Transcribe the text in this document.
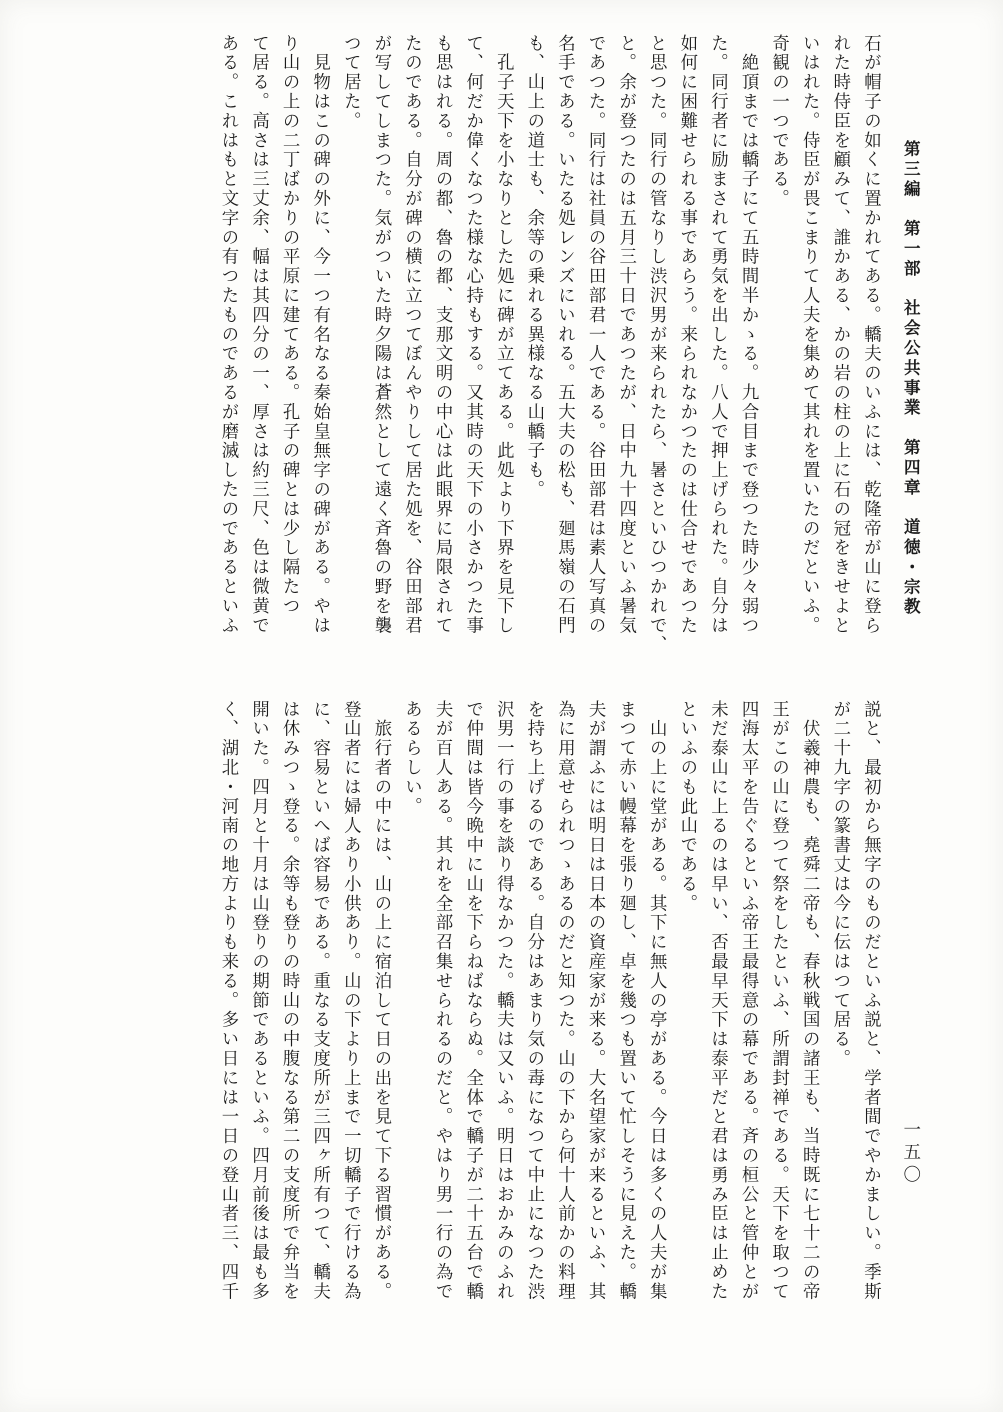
第三編　第一部　社会公共事業　第四章　道徳・宗教
一五〇
石が帽子の如くに置かれてある。轎夫のいふには、乾隆帝が山に登ら
れた時侍臣を顧みて、誰かある、かの岩の柱の上に石の冠をきせよと
いはれた。侍臣が畏こまりて人夫を集めて其れを置いたのだといふ。
奇観の一つである。
　絶頂までは轎子にて五時間半かゝる。九合目まで登つた時少々弱つ
た。同行者に励まされて勇気を出した。八人で押上げられた。自分は
如何に困難せられる事であらう。来られなかつたのは仕合せであつた
と思つた。同行の管なりし渋沢男が来られたら、暑さといひつかれで、
と。余が登つたのは五月三十日であつたが、日中九十四度といふ暑気
であつた。同行は社員の谷田部君一人である。谷田部君は素人写真の
名手である。いたる処レンズにいれる。五大夫の松も、廻馬嶺の石門
も、山上の道士も、余等の乗れる異様なる山轎子も。
　孔子天下を小なりとした処に碑が立てある。此処より下界を見下し
て、何だか偉くなつた様な心持もする。又其時の天下の小さかつた事
も思はれる。周の都、魯の都、支那文明の中心は此眼界に局限されて
たのである。自分が碑の横に立つてぼんやりして居た処を、谷田部君
が写してしまつた。気がついた時夕陽は蒼然として遠く斉魯の野を襲
つて居た。
　見物はこの碑の外に、今一つ有名なる秦始皇無字の碑がある。やは
り山の上の二丁ばかりの平原に建てある。孔子の碑とは少し隔たつ
て居る。高さは三丈余、幅は其四分の一、厚さは約三尺、色は微黄で
ある。これはもと文字の有つたものであるが磨滅したのであるといふ
説と、最初から無字のものだといふ説と、学者間でやかましい。季斯
が二十九字の篆書丈は今に伝はつて居る。
　伏羲神農も、堯舜二帝も、春秋戦国の諸王も、当時既に七十二の帝
王がこの山に登つて祭をしたといふ、所謂封禅である。天下を取つて
四海太平を告ぐるといふ帝王最得意の幕である。斉の桓公と管仲とが
未だ泰山に上るのは早い、否最早天下は泰平だと君は勇み臣は止めた
といふのも此山である。
　山の上に堂がある。其下に無人の亭がある。今日は多くの人夫が集
まつて赤い幔幕を張り廻し、卓を幾つも置いて忙しそうに見えた。轎
夫が謂ふには明日は日本の資産家が来る。大名望家が来るといふ、其
為に用意せられつゝあるのだと知つた。山の下から何十人前かの料理
を持ち上げるのである。自分はあまり気の毒になつて中止になつた渋
沢男一行の事を談り得なかつた。轎夫は又いふ。明日はおかみのふれ
で仲間は皆今晩中に山を下らねばならぬ。全体で轎子が二十五台で轎
夫が百人ある。其れを全部召集せられるのだと。やはり男一行の為で
あるらしい。
　旅行者の中には、山の上に宿泊して日の出を見て下る習慣がある。
登山者には婦人あり小供あり。山の下より上まで一切轎子で行ける為
に、容易といへば容易である。重なる支度所が三四ヶ所有つて、轎夫
は休みつゝ登る。余等も登りの時山の中腹なる第二の支度所で弁当を
開いた。四月と十月は山登りの期節であるといふ。四月前後は最も多
く、湖北・河南の地方よりも来る。多い日には一日の登山者三、四千
